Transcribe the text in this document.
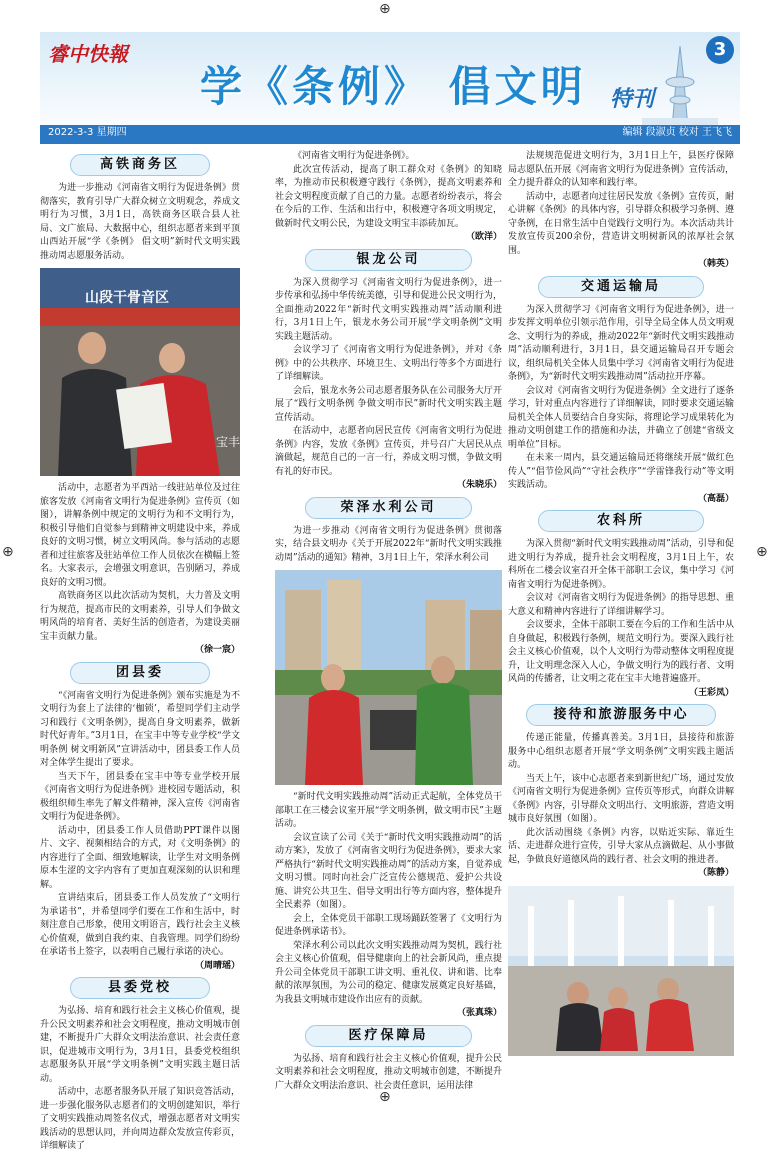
⊕
⊕
⊕	⊕
睿中快報
学《条例》 倡文明 特刊
3
2022-3-3 星期四	编辑 段淑贞 校对 王飞飞
高铁商务区

为进一步推动《河南省文明行为促进条例》贯彻落实，教育引导广大群众树立文明观念，养成文明行为习惯，3月1日，高铁商务区联合县人社局、文广旅局、大数据中心，组织志愿者来到平顶山西站开展“学《条例》 倡文明”新时代文明实践推动周志愿服务活动。

山段干骨音区
宝丰

活动中，志愿者为平西站一线驻站单位及过往旅客发放《河南省文明行为促进条例》宣传页（如图），讲解条例中规定的文明行为和不文明行为，积极引导他们自觉参与到精神文明建设中来，养成良好的文明习惯，树立文明风尚。参与活动的志愿者和过往旅客及驻站单位工作人员依次在横幅上签名。大家表示，会增强文明意识，告别陋习，养成良好的文明习惯。

高铁商务区以此次活动为契机，大力普及文明行为规范，提高市民的文明素养，引导人们争做文明风尚的培育者、美好生活的创造者，为建设美丽宝丰贡献力量。

（徐一宸）
团县委

“《河南省文明行为促进条例》颁布实施是为不文明行为套上了法律的‘枷锁’，希望同学们主动学习和践行《文明条例》，提高自身文明素养，做新时代好青年。”3月1日，在宝丰中等专业学校“学文明条例 树文明新风”宣讲活动中，团县委工作人员对全体学生提出了要求。

当天下午，团县委在宝丰中等专业学校开展《河南省文明行为促进条例》进校园专题活动，积极组织师生率先了解文件精神，深入宣传《河南省文明行为促进条例》。

活动中，团县委工作人员借助PPT课件以图片、文字、视频相结合的方式，对《文明条例》的内容进行了全面、细致地解读，让学生对文明条例原本生涩的文字内容有了更加直观深刻的认识和理解。

宣讲结束后，团县委工作人员发放了“文明行为承诺书”，并希望同学们要在工作和生活中，时刻注意自己形象，使用文明语言，践行社会主义核心价值观，做到自我约束、自我管理。同学们纷纷在承诺书上签字，以表明自己履行承诺的决心。

（周晴瑶）
县委党校

为弘扬、培育和践行社会主义核心价值观，提升公民文明素养和社会文明程度，推动文明城市创建，不断提升广大群众文明法治意识、社会责任意识，促进城市文明行为，3月1日，县委党校组织志愿服务队开展“学文明条例”文明实践主题日活动。

活动中，志愿者服务队开展了知识竞答活动，进一步强化服务队志愿者们的文明创建知识，举行了文明实践推动周签名仪式，增强志愿者对文明实践活动的思想认同，并向周边群众发放宣传彩页，详细解读了

《河南省文明行为促进条例》。

此次宣传活动，提高了职工群众对《条例》的知晓率，为推动市民积极遵守践行《条例》，提高文明素养和社会文明程度贡献了自己的力量。志愿者纷纷表示，将会在今后的工作、生活和出行中，积极遵守各项文明规定，做新时代文明公民，为建设文明宝丰添砖加瓦。

（欧洋）
银龙公司

为深入贯彻学习《河南省文明行为促进条例》，进一步传承和弘扬中华传统美德，引导和促进公民文明行为，全面推动2022年“新时代文明实践推动周”活动顺利进行，3月1日上午，银龙水务公司开展“学文明条例”文明实践主题活动。

会议学习了《河南省文明行为促进条例》，并对《条例》中的公共秩序、环境卫生、文明出行等多个方面进行了详细解读。

会后，银龙水务公司志愿者服务队在公司服务大厅开展了“践行文明条例 争做文明市民”新时代文明实践主题宣传活动。

在活动中，志愿者向居民宣传《河南省文明行为促进条例》内容，发放《条例》宣传页，并号召广大居民从点滴做起，规范自己的一言一行，养成文明习惯，争做文明有礼的好市民。

（朱晓乐）
荣泽水利公司

为进一步推动《河南省文明行为促进条例》贯彻落实，结合县文明办《关于开展2022年“新时代文明实践推动周”活动的通知》精神，3月1日上午，荣泽水利公司

“新时代文明实践推动周”活动正式起航，全体党员干部职工在三楼会议室开展“学文明条例，做文明市民”主题活动。

会议宣读了公司《关于“新时代文明实践推动周”的活动方案》，发放了《河南省文明行为促进条例》，要求大家严格执行“新时代文明实践推动周”的活动方案，自觉养成文明习惯。同时向社会广泛宣传公德规范、爱护公共设施、讲究公共卫生、倡导文明出行等方面内容，整体提升全民素养（如图）。

会上，全体党员干部职工现场踊跃签署了《文明行为促进条例承诺书》。

荣泽水利公司以此次文明实践推动周为契机，践行社会主义核心价值观，倡导健康向上的社会新风尚，重点提升公司全体党员干部职工讲文明、重礼仪、讲和谐、比奉献的浓厚氛围，为公司的稳定、健康发展奠定良好基础，为我县文明城市建设作出应有的贡献。

（张真珠）
医疗保障局

为弘扬、培育和践行社会主义核心价值观，提升公民文明素养和社会文明程度，推动文明城市创建，不断提升广大群众文明法治意识、社会责任意识，运用法律

法规规范促进文明行为，3月1日上午，县医疗保障局志愿队伍开展《河南省文明行为促进条例》宣传活动，全力提升群众的认知率和践行率。

活动中，志愿者向过往居民发放《条例》宣传页，耐心讲解《条例》的具体内容，引导群众积极学习条例、遵守条例，在日常生活中自觉践行文明行为。本次活动共计发放宣传页200余份，营造讲文明树新风的浓厚社会氛围。

（韩英）
交通运输局

为深入贯彻学习《河南省文明行为促进条例》，进一步发挥文明单位引领示范作用，引导全局全体人员文明观念、文明行为的养成，推动2022年“新时代文明实践推动周”活动顺利进行，3月1日，县交通运输局召开专题会议，组织局机关全体人员集中学习《河南省文明行为促进条例》，为“新时代文明实践推动周”活动拉开序幕。

会议对《河南省文明行为促进条例》全文进行了逐条学习，针对重点内容进行了详细解读，同时要求交通运输局机关全体人员要结合自身实际，将理论学习成果转化为推动文明创建工作的措施和办法，并确立了创建“省级文明单位”目标。

在未来一周内，县交通运输局还将继续开展“做红色传人”“倡节俭风尚”“守社会秩序”“学雷锋我行动”等文明实践活动。

（高磊）
农科所

为深入贯彻“新时代文明实践推动周”活动，引导和促进文明行为养成，提升社会文明程度，3月1日上午，农科所在二楼会议室召开全体干部职工会议，集中学习《河南省文明行为促进条例》。

会议对《河南省文明行为促进条例》的指导思想、重大意义和精神内容进行了详细讲解学习。

会议要求，全体干部职工要在今后的工作和生活中从自身做起，积极践行条例，规范文明行为。要深入践行社会主义核心价值观，以个人文明行为带动整体文明程度提升，让文明理念深入人心，争做文明行为的践行者、文明风尚的传播者，让文明之花在宝丰大地普遍盛开。

（王彩凤）
接待和旅游服务中心

传递正能量，传播真善美。3月1日，县接待和旅游服务中心组织志愿者开展“学文明条例”文明实践主题活动。

当天上午，该中心志愿者来到新世纪广场，通过发放《河南省文明行为促进条例》宣传页等形式，向群众讲解《条例》内容，引导群众文明出行、文明旅游，营造文明城市良好氛围（如图）。

此次活动围绕《条例》内容，以贴近实际、靠近生活、走进群众进行宣传，引导大家从点滴做起、从小事做起，争做良好道德风尚的践行者、社会文明的推进者。

（陈静）
